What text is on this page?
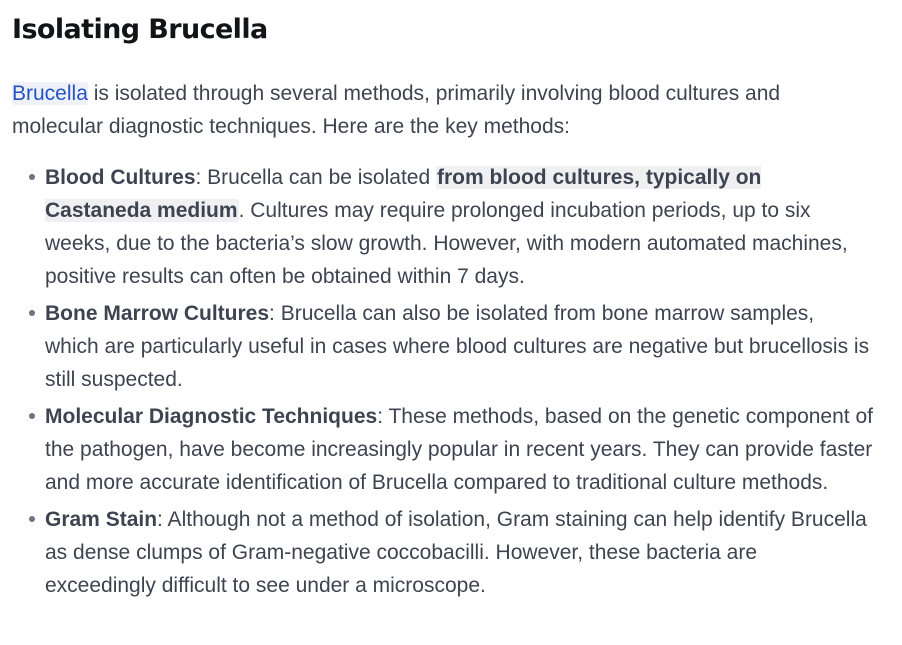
Isolating Brucella

Brucella is isolated through several methods, primarily involving blood cultures and molecular diagnostic techniques. Here are the key methods:

Blood Cultures: Brucella can be isolated from blood cultures, typically on Castaneda medium. Cultures may require prolonged incubation periods, up to six weeks, due to the bacteria’s slow growth. However, with modern automated machines, positive results can often be obtained within 7 days.
Bone Marrow Cultures: Brucella can also be isolated from bone marrow samples, which are particularly useful in cases where blood cultures are negative but brucellosis is still suspected.
Molecular Diagnostic Techniques: These methods, based on the genetic component of the pathogen, have become increasingly popular in recent years. They can provide faster and more accurate identification of Brucella compared to traditional culture methods.
Gram Stain: Although not a method of isolation, Gram staining can help identify Brucella as dense clumps of Gram-negative coccobacilli. However, these bacteria are exceedingly difficult to see under a microscope.
